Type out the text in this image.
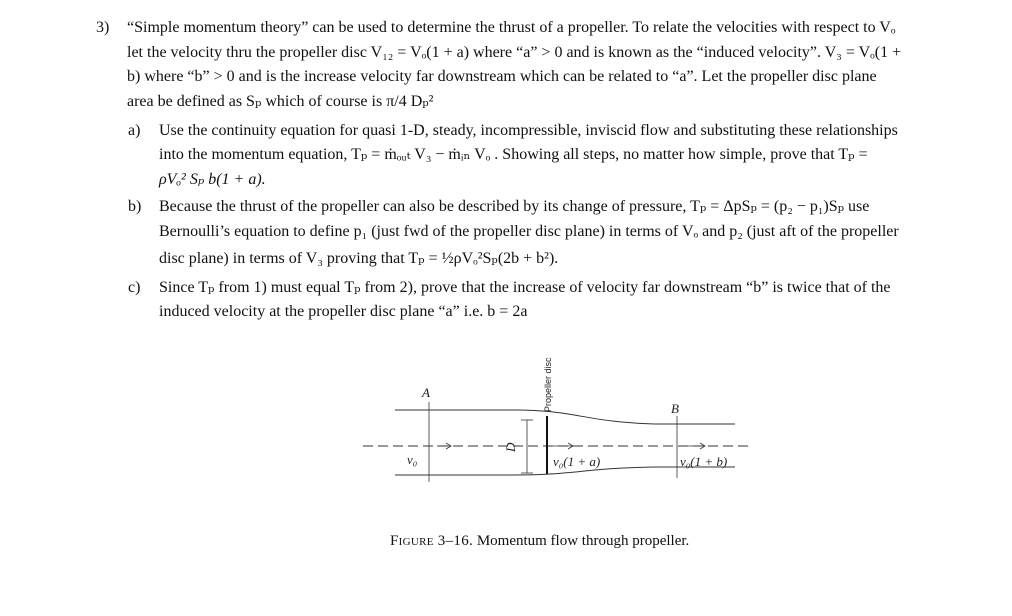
3) “Simple momentum theory” can be used to determine the thrust of a propeller. To relate the velocities with respect to Vₒ
let the velocity thru the propeller disc V₁₂ = Vₒ(1 + a) where “a” > 0 and is known as the “induced velocity”. V₃ = Vₒ(1 +
b) where “b” > 0 and is the increase velocity far downstream which can be related to “a”. Let the propeller disc plane
area be defined as Sₚ which of course is π/4 Dₚ²
a) Use the continuity equation for quasi 1-D, steady, incompressible, inviscid flow and substituting these relationships
into the momentum equation, Tₚ = ṁₒᵤₜ V₃ − ṁᵢₙ Vₒ . Showing all steps, no matter how simple, prove that Tₚ =
ρVₒ² Sₚ b(1 + a).
b) Because the thrust of the propeller can also be described by its change of pressure, Tₚ = ΔpSₚ = (p₂ − p₁)Sₚ use
Bernoulli’s equation to define p₁ (just fwd of the propeller disc plane) in terms of Vₒ and p₂ (just aft of the propeller
disc plane) in terms of V₃ proving that Tₚ = ½ρVₒ²Sₚ(2b + b²).
c) Since Tₚ from 1) must equal Tₚ from 2), prove that the increase of velocity far downstream “b” is twice that of the
induced velocity at the propeller disc plane “a” i.e. b = 2a
A
B
Propeller disc
D
v₀	v₀(1 + a)	v₀(1 + b)
Figure 3–16. Momentum flow through propeller.
